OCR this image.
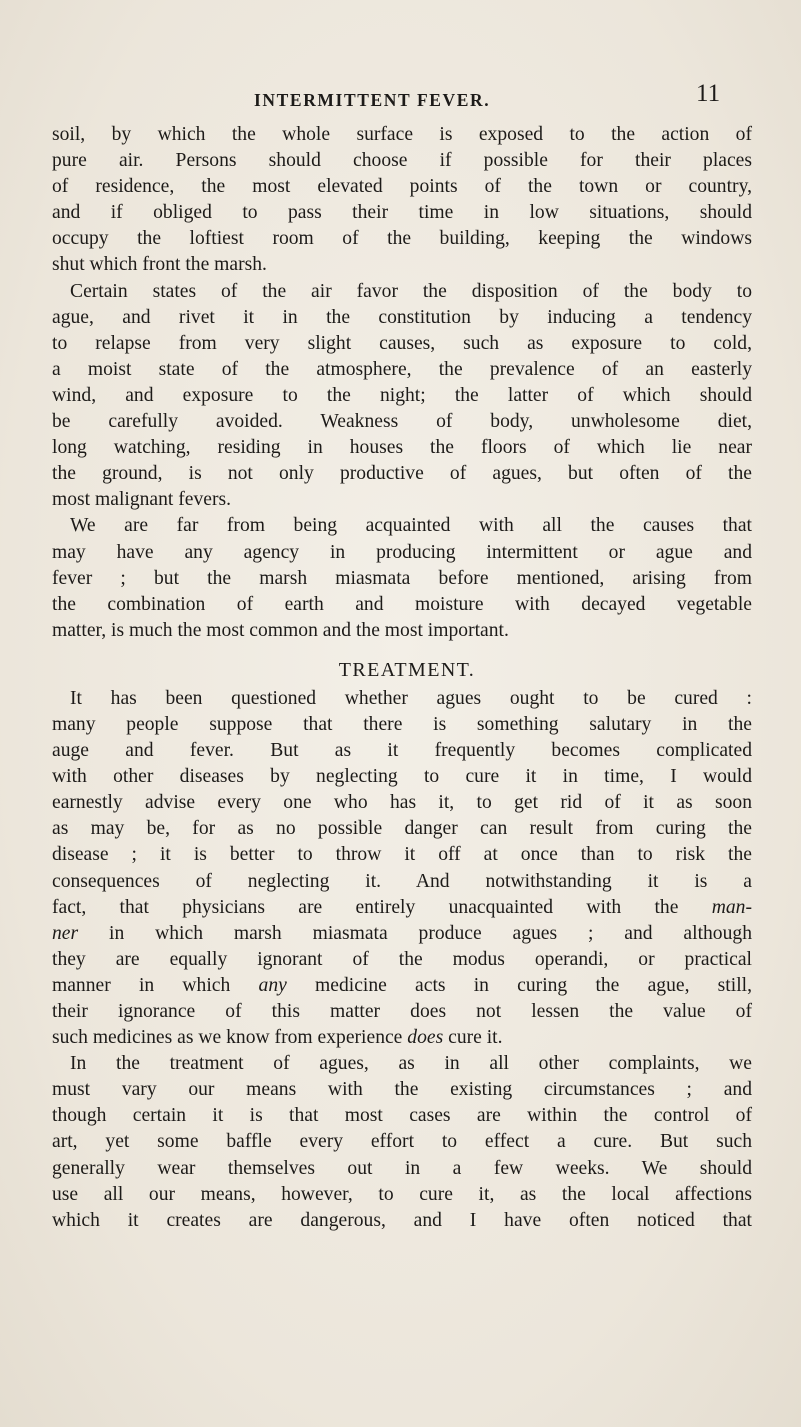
INTERMITTENT FEVER.	11
soil, by which the whole surface is exposed to the action of
pure air. Persons should choose if possible for their places
of residence, the most elevated points of the town or country,
and if obliged to pass their time in low situations, should
occupy the loftiest room of the building, keeping the windows
shut which front the marsh.
Certain states of the air favor the disposition of the body to
ague, and rivet it in the constitution by inducing a tendency
to relapse from very slight causes, such as exposure to cold,
a moist state of the atmosphere, the prevalence of an easterly
wind, and exposure to the night; the latter of which should
be carefully avoided. Weakness of body, unwholesome diet,
long watching, residing in houses the floors of which lie near
the ground, is not only productive of agues, but often of the
most malignant fevers.
We are far from being acquainted with all the causes that
may have any agency in producing intermittent or ague and
fever ; but the marsh miasmata before mentioned, arising from
the combination of earth and moisture with decayed vegetable
matter, is much the most common and the most important.
TREATMENT.
It has been questioned whether agues ought to be cured :
many people suppose that there is something salutary in the
auge and fever. But as it frequently becomes complicated
with other diseases by neglecting to cure it in time, I would
earnestly advise every one who has it, to get rid of it as soon
as may be, for as no possible danger can result from curing the
disease ; it is better to throw it off at once than to risk the
consequences of neglecting it. And notwithstanding it is a
fact, that physicians are entirely unacquainted with the man-
ner in which marsh miasmata produce agues ; and although
they are equally ignorant of the modus operandi, or practical
manner in which any medicine acts in curing the ague, still,
their ignorance of this matter does not lessen the value of
such medicines as we know from experience does cure it.
In the treatment of agues, as in all other complaints, we
must vary our means with the existing circumstances ; and
though certain it is that most cases are within the control of
art, yet some baffle every effort to effect a cure. But such
generally wear themselves out in a few weeks. We should
use all our means, however, to cure it, as the local affections
which it creates are dangerous, and I have often noticed that
